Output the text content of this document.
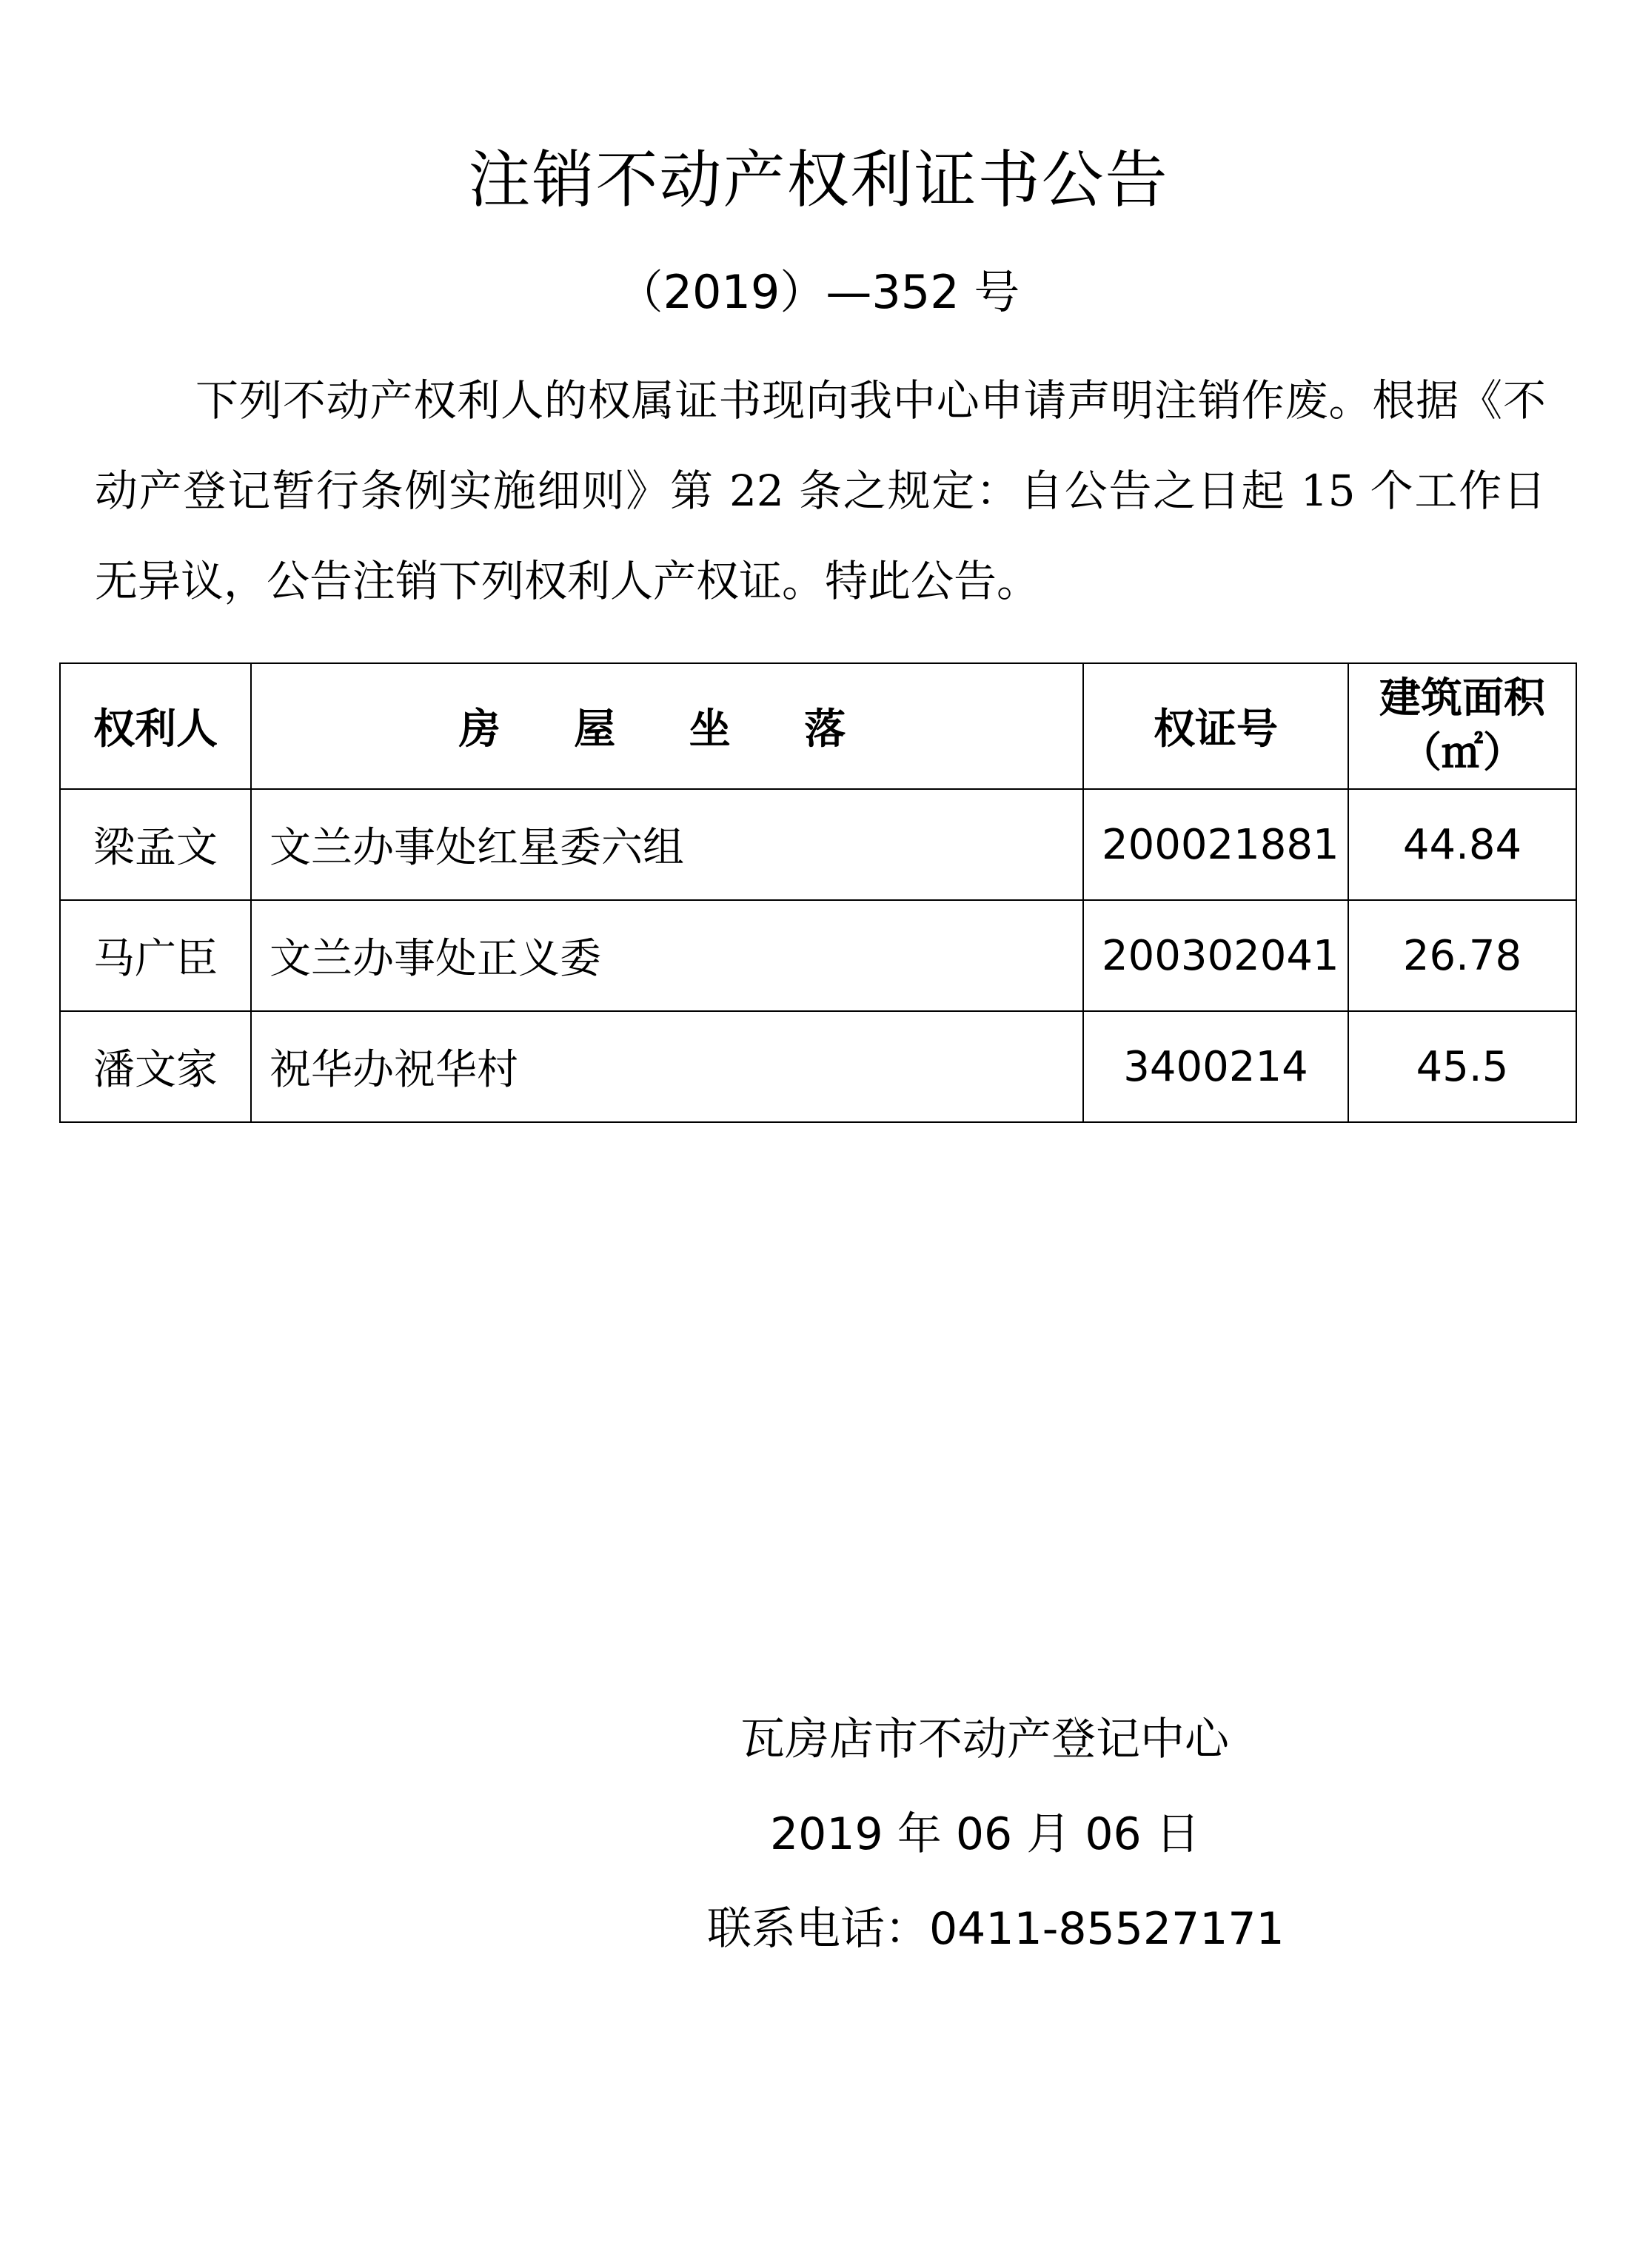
注销不动产权利证书公告
（2019）—352 号

下列不动产权利人的权属证书现向我中心申请声明注销作废。根据《不动产登记暂行条例实施细则》第 22 条之规定：自公告之日起 15 个工作日无异议，公告注销下列权利人产权证。特此公告。

权利人	房 屋 坐 落	权证号	建筑面积（㎡）
梁孟文	文兰办事处红星委六组	200021881	44.84
马广臣	文兰办事处正义委	200302041	26.78
潘文家	祝华办祝华村	3400214	45.5
瓦房店市不动产登记中心
2019 年 06 月 06 日
联系电话：0411-85527171
